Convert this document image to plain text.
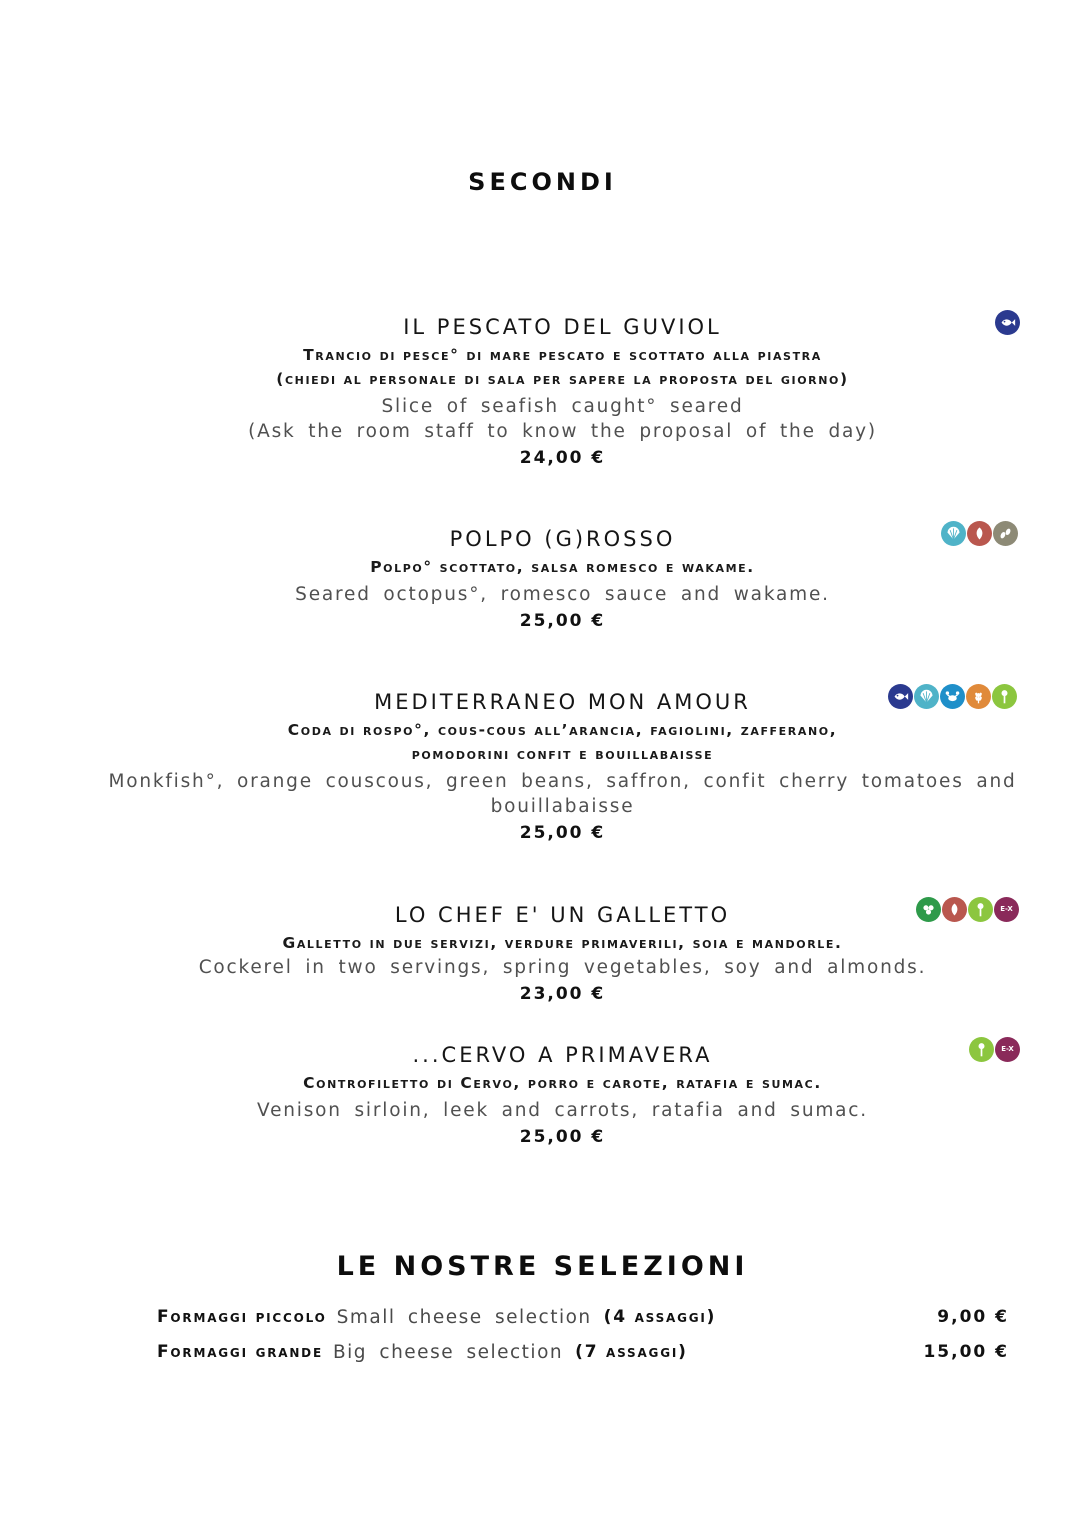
SECONDI
IL PESCATO DEL GUVIOL
Trancio di pesce° di mare pescato e scottato alla piastra
(chiedi al personale di sala per sapere la proposta del giorno)
Slice of seafish caught° seared
(Ask the room staff to know the proposal of the day)
24,00 €
POLPO (G)ROSSO
Polpo° scottato, salsa romesco e wakame.
Seared octopus°, romesco sauce and wakame.
25,00 €
MEDITERRANEO MON AMOUR
Coda di rospo°, cous-cous all’arancia, fagiolini, zafferano,
pomodorini confit e bouillabaisse
Monkfish°, orange couscous, green beans, saffron, confit cherry tomatoes and
bouillabaisse
25,00 €
LO CHEF E' UN GALLETTO
Galletto in due servizi, verdure primaverili, soia e mandorle.
Cockerel in two servings, spring vegetables, soy and almonds.
23,00 €
E-X
...CERVO A PRIMAVERA
Controfiletto di Cervo, porro e carote, ratafia e sumac.
Venison sirloin, leek and carrots, ratafia and sumac.
25,00 €
E-X
LE NOSTRE SELEZIONI
Formaggi piccolo Small cheese selection (4 assaggi)	9,00 €
Formaggi grande Big cheese selection (7 assaggi)	15,00 €
